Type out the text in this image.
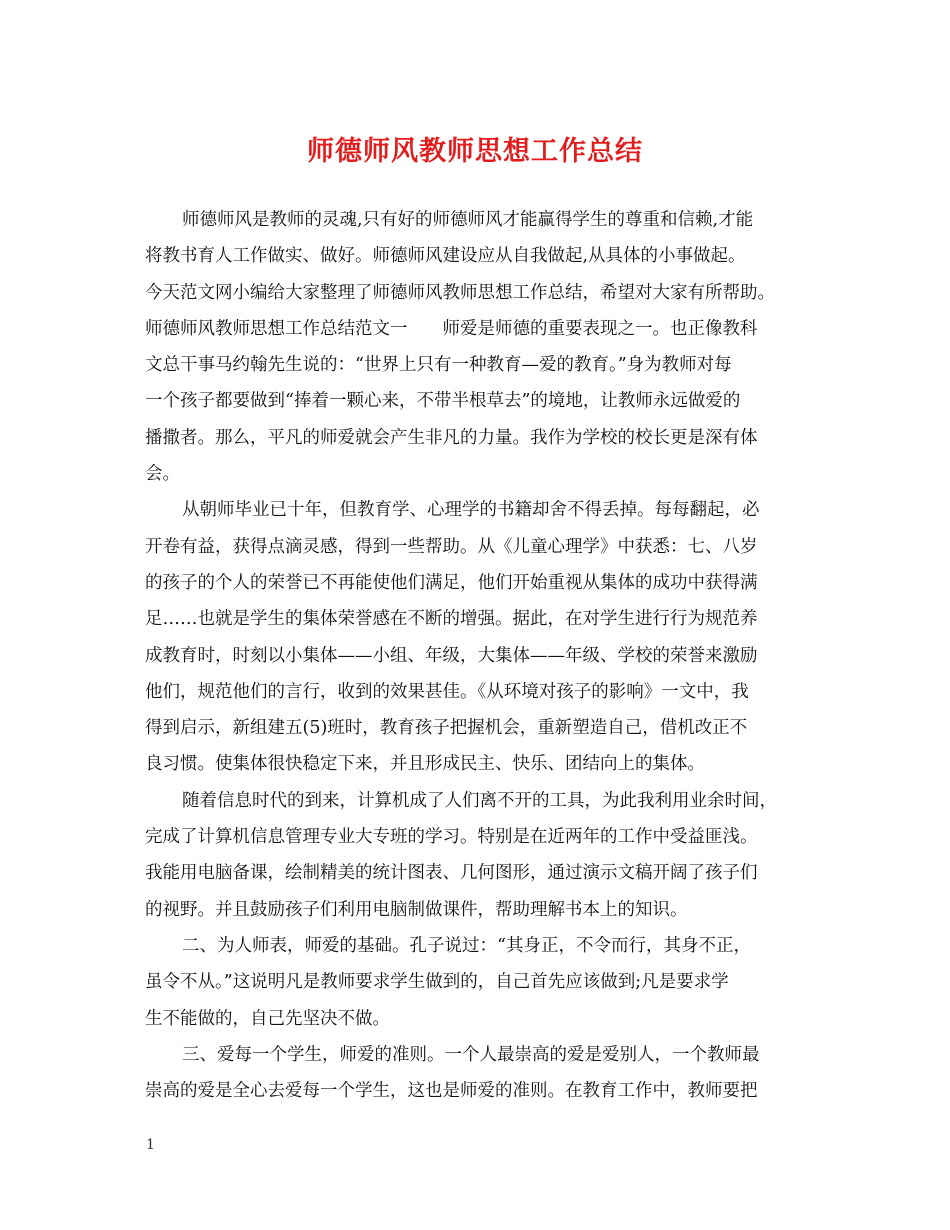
师德师风教师思想工作总结
师德师风是教师的灵魂,只有好的师德师风才能赢得学生的尊重和信赖,才能
将教书育人工作做实、做好。师德师风建设应从自我做起,从具体的小事做起。
今天范文网小编给大家整理了师德师风教师思想工作总结，希望对大家有所帮助。
师德师风教师思想工作总结范文一　　师爱是师德的重要表现之一。也正像教科
文总干事马约翰先生说的：“世界上只有一种教育—爱的教育。”身为教师对每
一个孩子都要做到“捧着一颗心来，不带半根草去”的境地，让教师永远做爱的
播撒者。那么，平凡的师爱就会产生非凡的力量。我作为学校的校长更是深有体
会。
从朝师毕业已十年，但教育学、心理学的书籍却舍不得丢掉。每每翻起，必
开卷有益，获得点滴灵感，得到一些帮助。从《儿童心理学》中获悉：七、八岁
的孩子的个人的荣誉已不再能使他们满足，他们开始重视从集体的成功中获得满
足……也就是学生的集体荣誉感在不断的增强。据此，在对学生进行行为规范养
成教育时，时刻以小集体——小组、年级，大集体——年级、学校的荣誉来激励
他们，规范他们的言行，收到的效果甚佳。《从环境对孩子的影响》一文中，我
得到启示，新组建五(5)班时，教育孩子把握机会，重新塑造自己，借机改正不
良习惯。使集体很快稳定下来，并且形成民主、快乐、团结向上的集体。
随着信息时代的到来，计算机成了人们离不开的工具，为此我利用业余时间，
完成了计算机信息管理专业大专班的学习。特别是在近两年的工作中受益匪浅。
我能用电脑备课，绘制精美的统计图表、几何图形，通过演示文稿开阔了孩子们
的视野。并且鼓励孩子们利用电脑制做课件，帮助理解书本上的知识。
二、为人师表，师爱的基础。孔子说过：“其身正，不令而行，其身不正，
虽令不从。”这说明凡是教师要求学生做到的，自己首先应该做到;凡是要求学
生不能做的，自己先坚决不做。
三、爱每一个学生，师爱的准则。一个人最崇高的爱是爱别人，一个教师最
崇高的爱是全心去爱每一个学生，这也是师爱的准则。在教育工作中，教师要把
1
